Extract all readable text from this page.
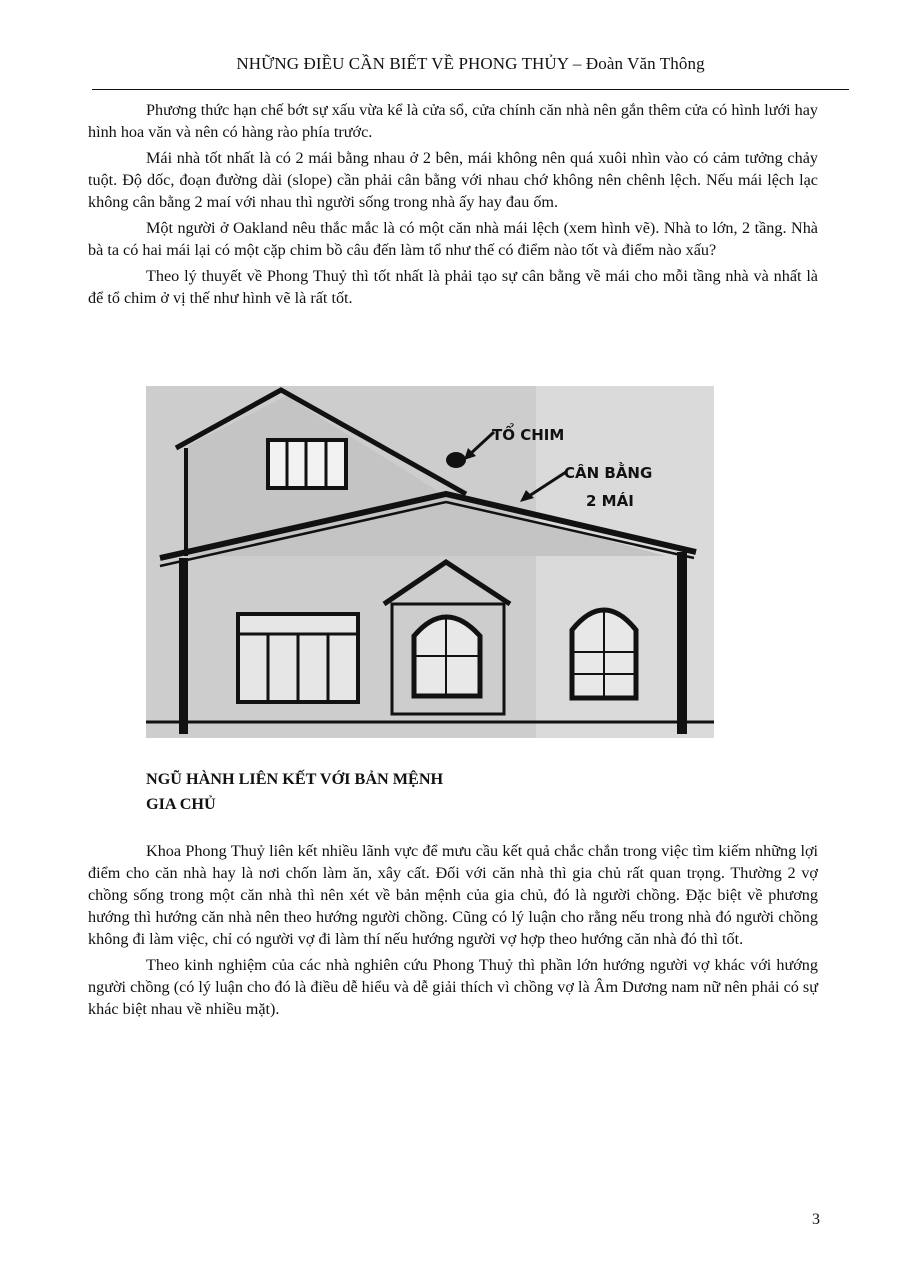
NHỮNG ĐIỀU CẦN BIẾT VỀ PHONG THỦY – Đoàn Văn Thông

Phương thức hạn chế bớt sự xấu vừa kể là cửa sổ, cửa chính căn nhà nên gắn thêm cửa có hình lưới hay hình hoa văn và nên có hàng rào phía trước.

Mái nhà tốt nhất là có 2 mái bằng nhau ở 2 bên, mái không nên quá xuôi nhìn vào có cảm tưởng chảy tuột. Độ dốc, đoạn đường dài (slope) cần phải cân bằng với nhau chớ không nên chênh lệch. Nếu mái lệch lạc không cân bằng 2 maí với nhau thì người sống trong nhà ấy hay đau ốm.

Một người ở Oakland nêu thắc mắc là có một căn nhà mái lệch (xem hình vẽ). Nhà to lớn, 2 tầng. Nhà bà ta có hai mái lại có một cặp chim bồ câu đến làm tổ như thế có điểm nào tốt và điểm nào xấu?

Theo lý thuyết về Phong Thuỷ thì tốt nhất là phải tạo sự cân bằng về mái cho mỗi tầng nhà và nhất là để tổ chim ở vị thế như hình vẽ là rất tốt.

TỔ CHIM
CÂN BẰNG
2 MÁI
NGŨ HÀNH LIÊN KẾT VỚI BẢN MỆNH
GIA CHỦ

Khoa Phong Thuỷ liên kết nhiều lãnh vực để mưu cầu kết quả chắc chắn trong việc tìm kiếm những lợi điểm cho căn nhà hay là nơi chốn làm ăn, xây cất. Đối với căn nhà thì gia chủ rất quan trọng. Thường 2 vợ chồng sống trong một căn nhà thì nên xét về bản mệnh của gia chủ, đó là người chồng. Đặc biệt về phương hướng thì hướng căn nhà nên theo hướng người chồng. Cũng có lý luận cho rằng nếu trong nhà đó người chồng không đi làm việc, chỉ có người vợ đi làm thí nếu hướng người vợ hợp theo hướng căn nhà đó thì tốt.

Theo kinh nghiệm của các nhà nghiên cứu Phong Thuỷ thì phần lớn hướng người vợ khác với hướng người chồng (có lý luận cho đó là điều dễ hiểu và dễ giải thích vì chồng vợ là Âm Dương nam nữ nên phải có sự khác biệt nhau về nhiều mặt).

3
